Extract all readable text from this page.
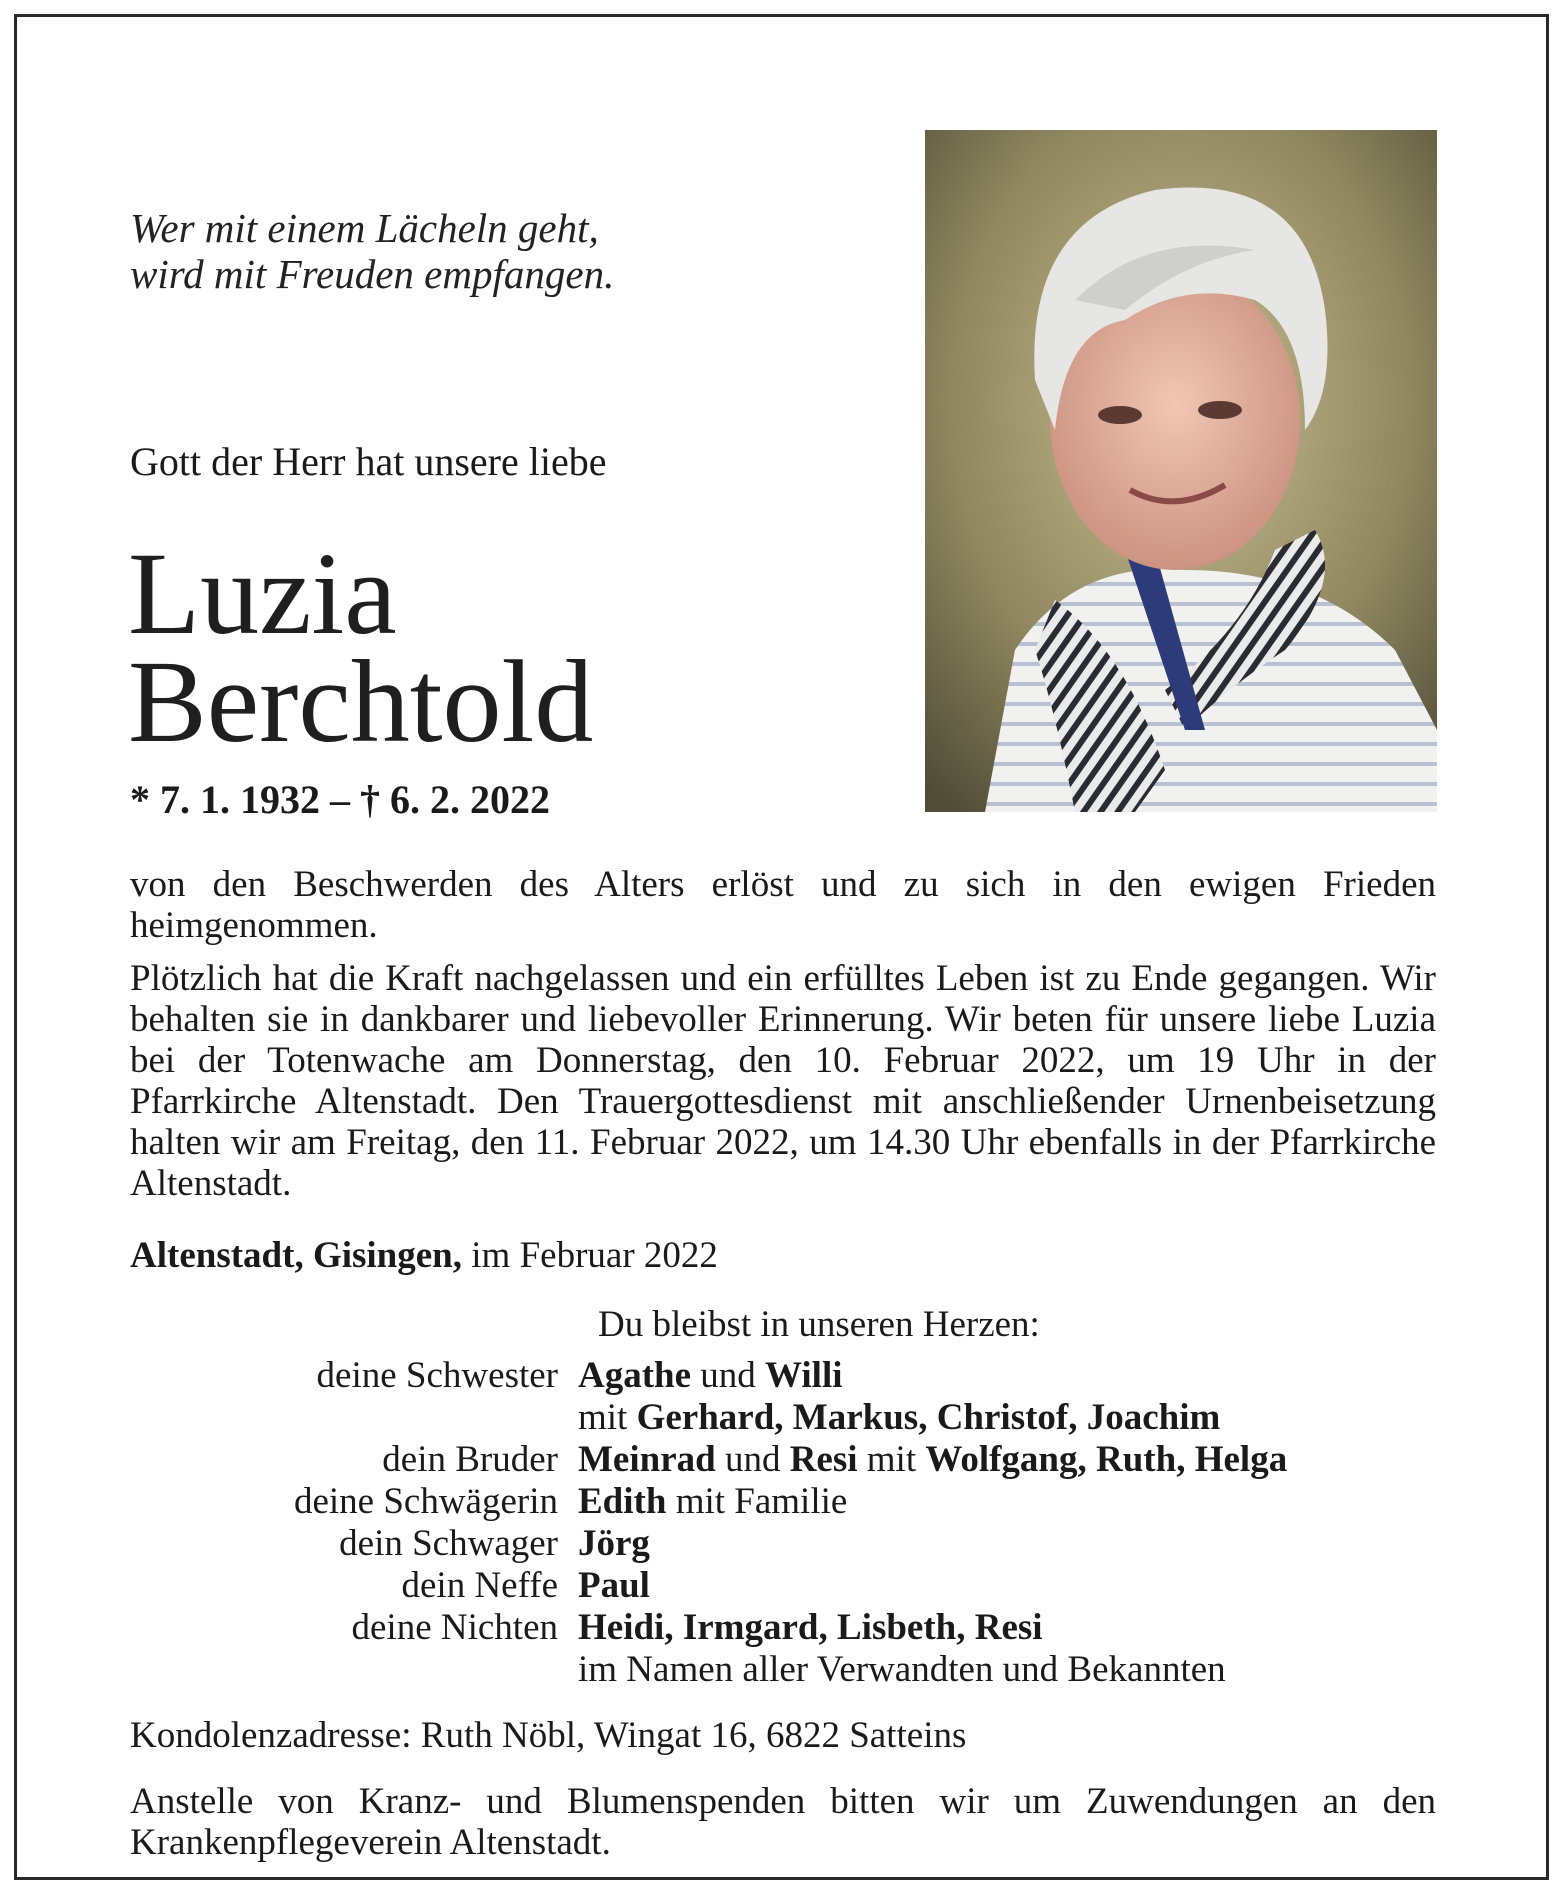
Wer mit einem Lächeln geht,
wird mit Freuden empfangen.
Gott der Herr hat unsere liebe
Luzia
Berchtold
* 7. 1. 1932 – † 6. 2. 2022
von den Beschwerden des Alters erlöst und zu sich in den ewigen Frieden heimgenommen.
Plötzlich hat die Kraft nachgelassen und ein erfülltes Leben ist zu Ende gegangen. Wir behalten sie in dankbarer und liebevoller Erinnerung. Wir beten für unsere liebe Luzia bei der Totenwache am Donnerstag, den 10. Februar 2022, um 19 Uhr in der Pfarrkirche Altenstadt. Den Trauergottesdienst mit anschließender Urnenbeisetzung halten wir am Freitag, den 11. Februar 2022, um 14.30 Uhr ebenfalls in der Pfarrkirche Altenstadt.
Altenstadt, Gisingen, im Februar 2022
Du bleibst in unseren Herzen:
deine Schwester Agathe und Willi
mit Gerhard, Markus, Christof, Joachim
dein Bruder Meinrad und Resi mit Wolfgang, Ruth, Helga
deine Schwägerin Edith mit Familie
dein Schwager Jörg
dein Neffe Paul
deine Nichten Heidi, Irmgard, Lisbeth, Resi
im Namen aller Verwandten und Bekannten
Kondolenzadresse: Ruth Nöbl, Wingat 16, 6822 Satteins
Anstelle von Kranz- und Blumenspenden bitten wir um Zuwendungen an den Krankenpflegeverein Altenstadt.
